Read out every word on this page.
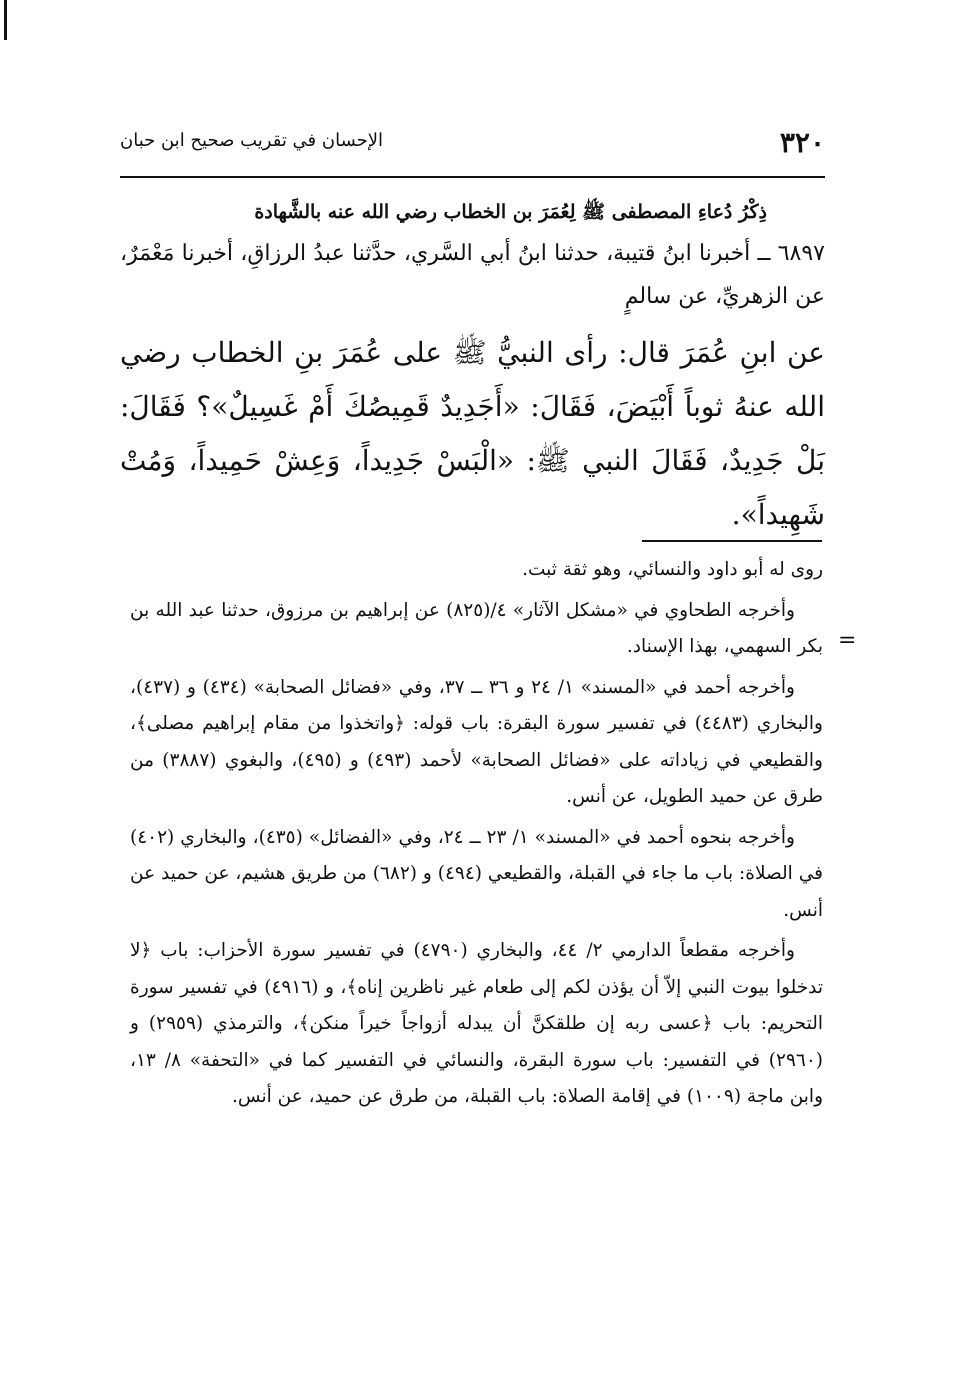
٣٢٠
الإحسان في تقريب صحيح ابن حبان
ذِكْرُ دُعاءِ المصطفى ﷺ لِعُمَرَ بن الخطاب رضي الله عنه بالشَّهادة

٦٨٩٧ ــ أخبرنا ابنُ قتيبة، حدثنا ابنُ أبي السَّري، حدَّثنا عبدُ الرزاقِ، أخبرنا مَعْمَرٌ، عن الزهريِّ، عن سالمٍ

عن ابنِ عُمَرَ قال: رأى النبيُّ ﷺ على عُمَرَ بنِ الخطاب رضي الله عنهُ ثوباً أَبْيَضَ، فَقَالَ: «أَجَدِيدٌ قَمِيصُكَ أَمْ غَسِيلٌ»؟ فَقَالَ: بَلْ جَدِيدٌ، فَقَالَ النبي ﷺ: «الْبَسْ جَدِيداً، وَعِشْ حَمِيداً، وَمُتْ شَهِيداً».

روى له أبو داود والنسائي، وهو ثقة ثبت.

وأخرجه الطحاوي في «مشكل الآثار» ٤/(٨٢٥) عن إبراهيم بن مرزوق، حدثنا عبد الله بن بكر السهمي، بهذا الإسناد.

وأخرجه أحمد في «المسند» ١/ ٢٤ و ٣٦ ــ ٣٧، وفي «فضائل الصحابة» (٤٣٤) و (٤٣٧)، والبخاري (٤٤٨٣) في تفسير سورة البقرة: باب قوله: ﴿واتخذوا من مقام إبراهيم مصلى﴾، والقطيعي في زياداته على «فضائل الصحابة» لأحمد (٤٩٣) و (٤٩٥)، والبغوي (٣٨٨٧) من طرق عن حميد الطويل، عن أنس.

وأخرجه بنحوه أحمد في «المسند» ١/ ٢٣ ــ ٢٤، وفي «الفضائل» (٤٣٥)، والبخاري (٤٠٢) في الصلاة: باب ما جاء في القبلة، والقطيعي (٤٩٤) و (٦٨٢) من طريق هشيم، عن حميد عن أنس.

وأخرجه مقطعاً الدارمي ٢/ ٤٤، والبخاري (٤٧٩٠) في تفسير سورة الأحزاب: باب ﴿لا تدخلوا بيوت النبي إلاّ أن يؤذن لكم إلى طعام غير ناظرين إناه﴾، و (٤٩١٦) في تفسير سورة التحريم: باب ﴿عسى ربه إن طلقكنَّ أن يبدله أزواجاً خيراً منكن﴾، والترمذي (٢٩٥٩) و (٢٩٦٠) في التفسير: باب سورة البقرة، والنسائي في التفسير كما في «التحفة» ٨/ ١٣، وابن ماجة (١٠٠٩) في إقامة الصلاة: باب القبلة، من طرق عن حميد، عن أنس.

=
